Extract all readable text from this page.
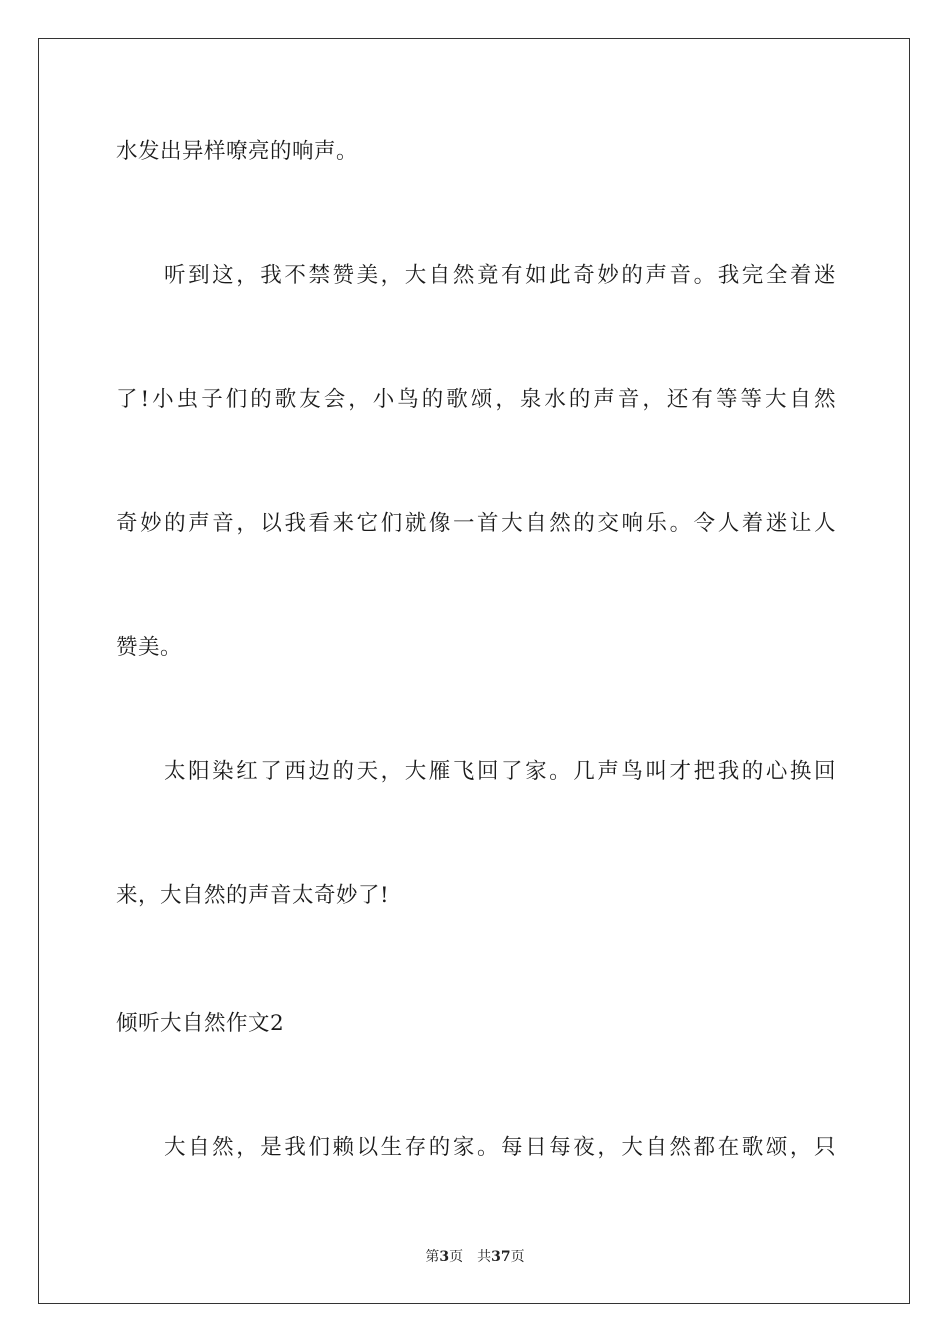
水发出异样嘹亮的响声。
听到这，我不禁赞美，大自然竟有如此奇妙的声音。我完全着迷
了!小虫子们的歌友会，小鸟的歌颂，泉水的声音，还有等等大自然
奇妙的声音，以我看来它们就像一首大自然的交响乐。令人着迷让人
赞美。
太阳染红了西边的天，大雁飞回了家。几声鸟叫才把我的心换回
来，大自然的声音太奇妙了!
倾听大自然作文2
大自然，是我们赖以生存的家。每日每夜，大自然都在歌颂，只
第3页 共37页
